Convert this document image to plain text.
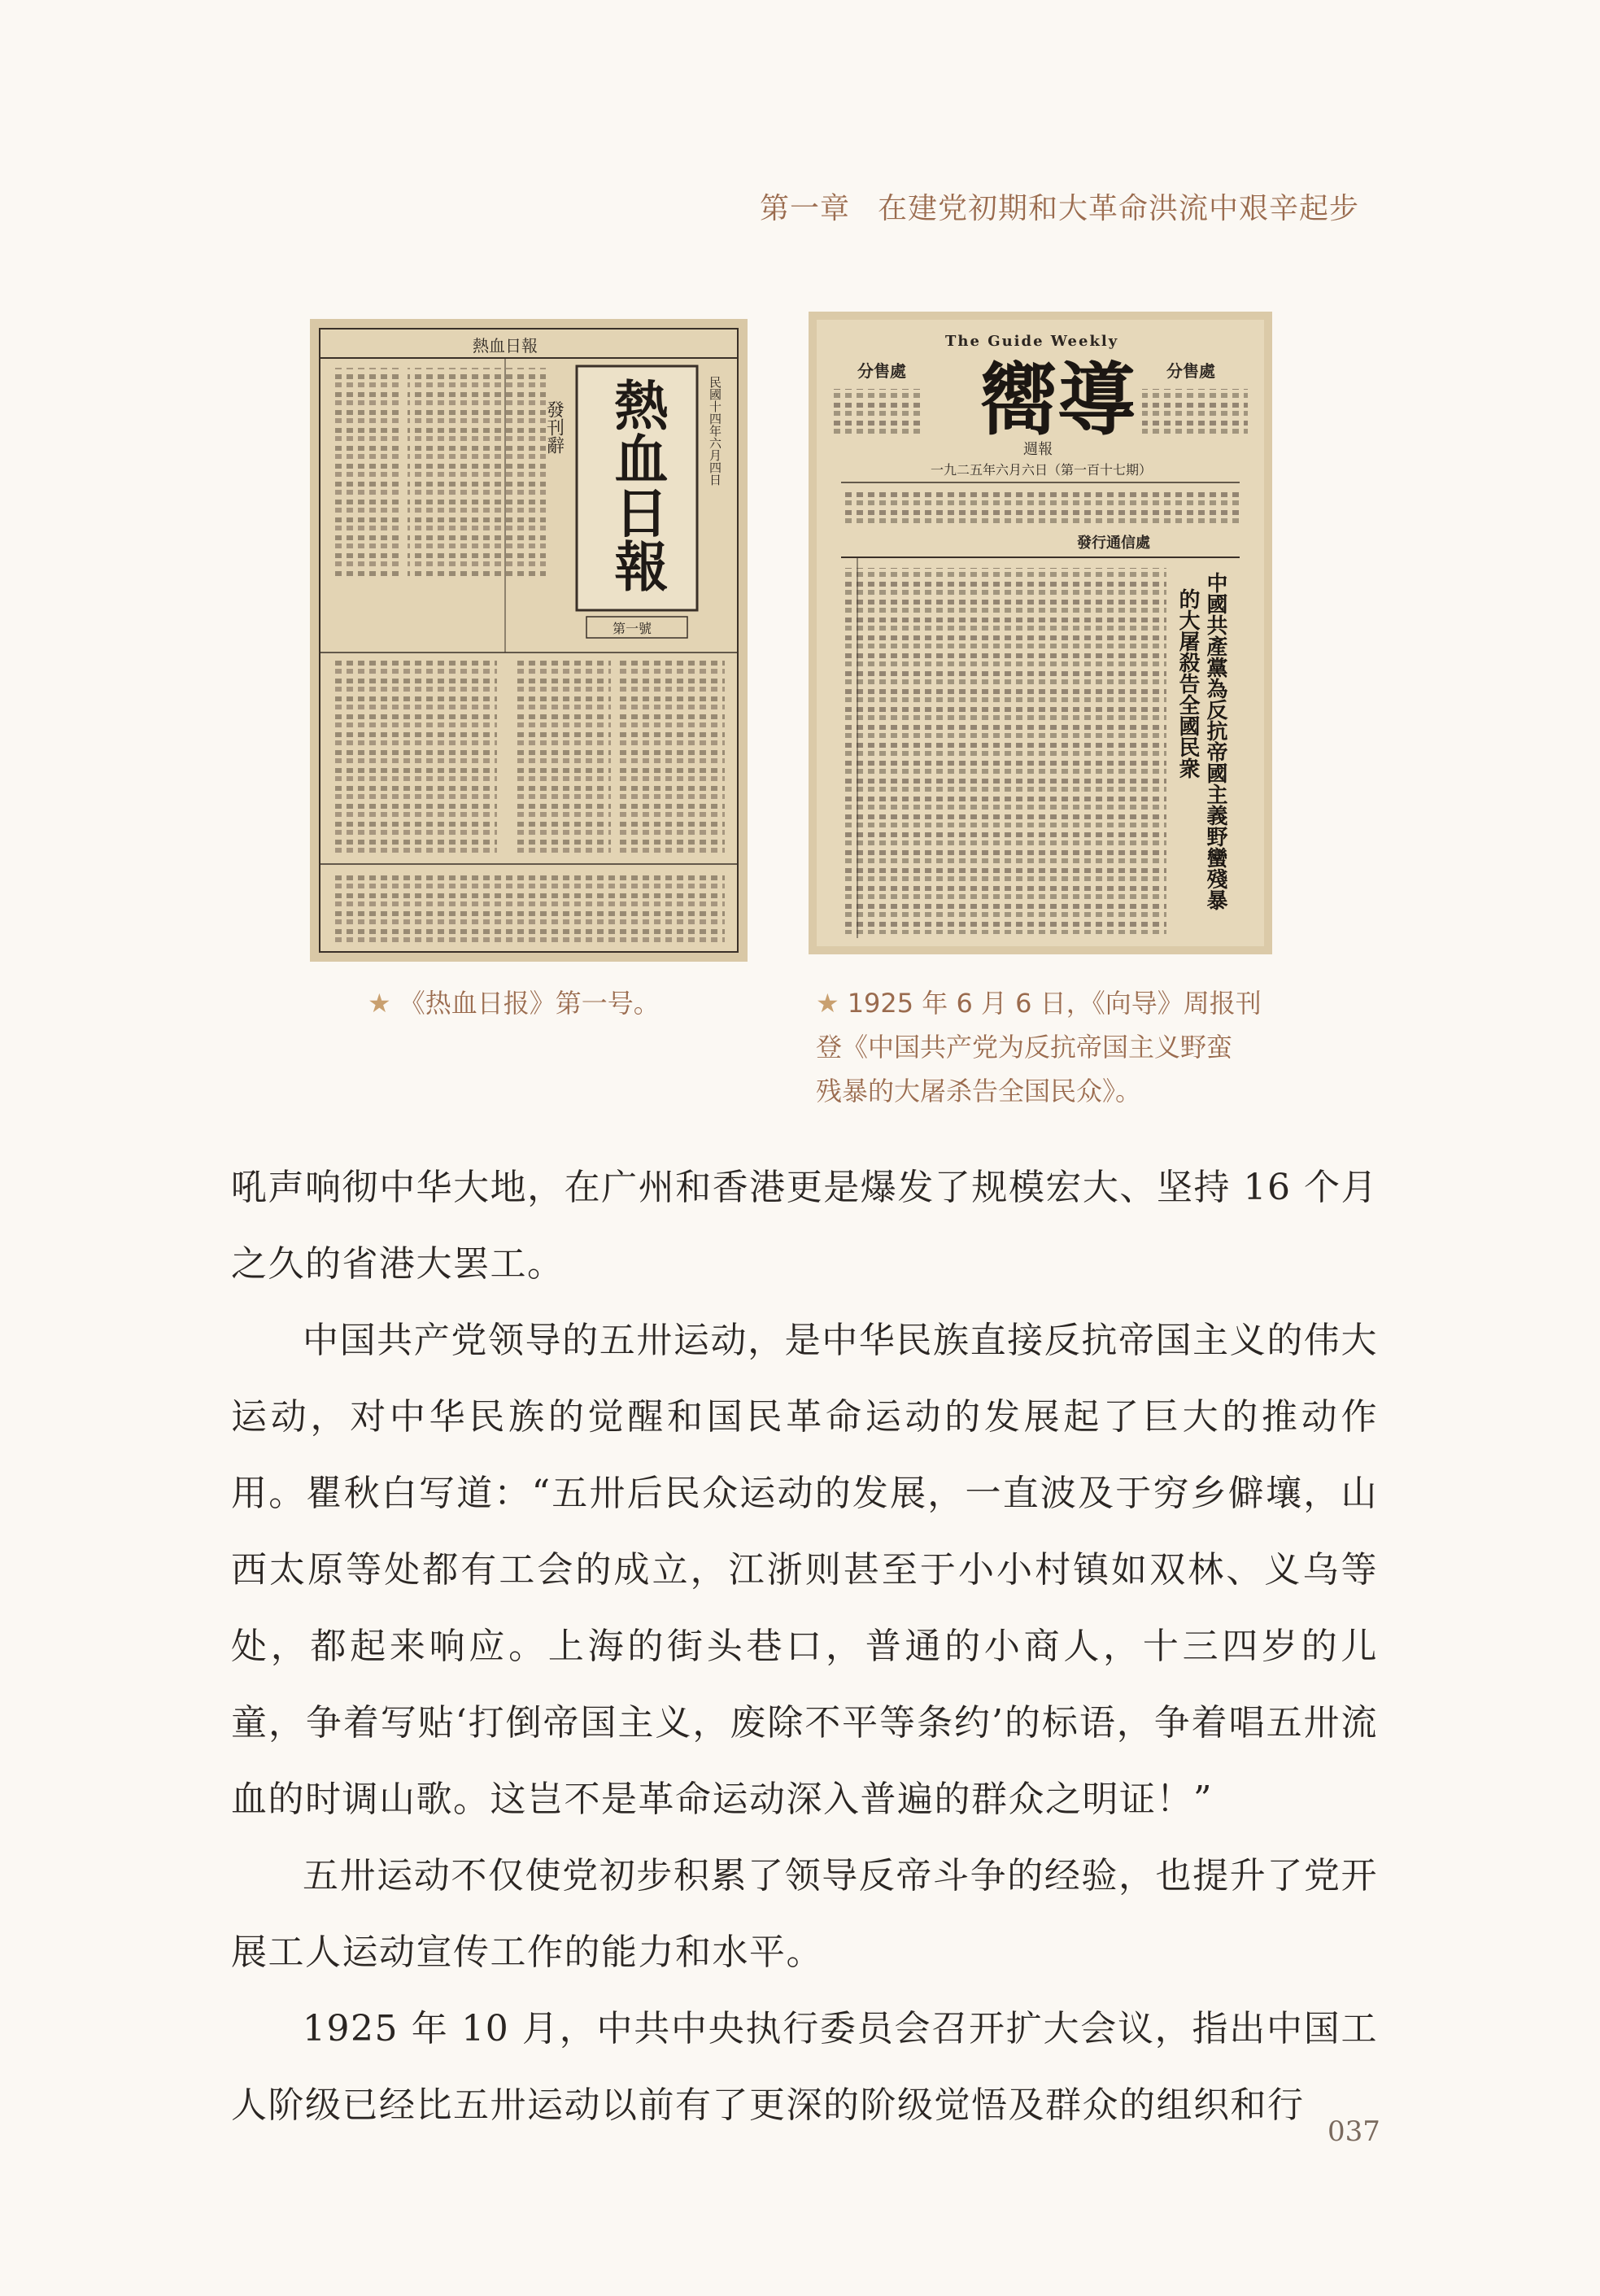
第一章 在建党初期和大革命洪流中艰辛起步
熱血日報
發刊辭 熱血日報	民國十四年六月四日
第一號
The Guide Weekly
分售處	分售處
嚮導
週報
一九二五年六月六日（第一百十七期）
發行通信處
中國共產黨為反抗帝國主義野蠻殘暴
的大屠殺告全國民衆
★ 《热血日报》第一号。	★ 1925 年 6 月 6 日，《向导》周报刊
登《中国共产党为反抗帝国主义野蛮
残暴的大屠杀告全国民众》。

吼声响彻中华大地，在广州和香港更是爆发了规模宏大、坚持 16 个月之久的省港大罢工。

中国共产党领导的五卅运动，是中华民族直接反抗帝国主义的伟大运动，对中华民族的觉醒和国民革命运动的发展起了巨大的推动作用。瞿秋白写道：“五卅后民众运动的发展，一直波及于穷乡僻壤，山西太原等处都有工会的成立，江浙则甚至于小小村镇如双林、义乌等处，都起来响应。上海的街头巷口，普通的小商人，十三四岁的儿童，争着写贴‘打倒帝国主义，废除不平等条约’的标语，争着唱五卅流血的时调山歌。这岂不是革命运动深入普遍的群众之明证！”

五卅运动不仅使党初步积累了领导反帝斗争的经验，也提升了党开展工人运动宣传工作的能力和水平。

1925 年 10 月，中共中央执行委员会召开扩大会议，指出中国工人阶级已经比五卅运动以前有了更深的阶级觉悟及群众的组织和行

037
